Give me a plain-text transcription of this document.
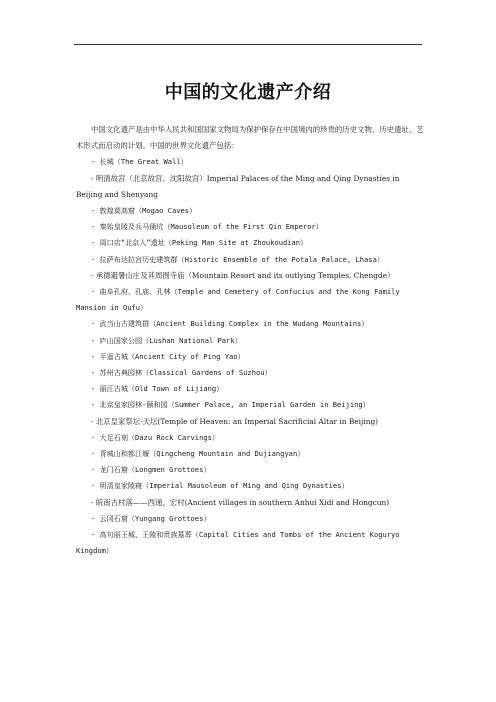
中国的文化遗产介绍

中国文化遗产是由中华人民共和国国家文物局为保护保存在中国境内的珍贵的历史文物、历史遗址、艺术形式而启动的计划。中国的世界文化遗产包括：

- 长城（The Great Wall）
- 明清故宫（北京故宫、沈阳故宫）Imperial Palaces of the Ming and Qing Dynasties in Beijing and Shenyang
- 敦煌莫高窟（Mogao Caves）
- 秦始皇陵及兵马俑坑（Mausoleum of the First Qin Emperor）
- 周口店“北京人”遗址（Peking Man Site at Zhoukoudian）
- 拉萨布达拉宫历史建筑群（Historic Ensemble of the Potala Palace, Lhasa）
- 承德避暑山庄及其周围寺庙（Mountain Resort and its outlying Temples, Chengde）
- 曲阜孔府、孔庙、孔林（Temple and Cemetery of Confucius and the Kong Family Mansion in Qufu）
- 武当山古建筑群（Ancient Building Complex in the Wudang Mountains）
- 庐山国家公园（Lushan National Park）
- 平遥古城（Ancient City of Ping Yao）
- 苏州古典园林（Classical Gardens of Suzhou）
- 丽江古城（Old Town of Lijiang）
- 北京皇家园林-颐和园（Summer Palace, an Imperial Garden in Beijing）
- 北京皇家祭坛-天坛(Temple of Heaven: an Imperial Sacrificial Altar in Beijing)
- 大足石刻（Dazu Rock Carvings）
- 青城山和都江堰（Qingcheng Mountain and Dujiangyan）
- 龙门石窟（Longmen Grottoes）
- 明清皇家陵寝（Imperial Mausoleum of Ming and Qing Dynasties）
- 皖南古村落——西递、宏村(Ancient villages in southern Anhui Xidi and Hongcun)
- 云冈石窟（Yungang Grottoes）
- 高句丽王城、王陵和贵族墓葬（Capital Cities and Tombs of the Ancient Koguryo Kingdom）
